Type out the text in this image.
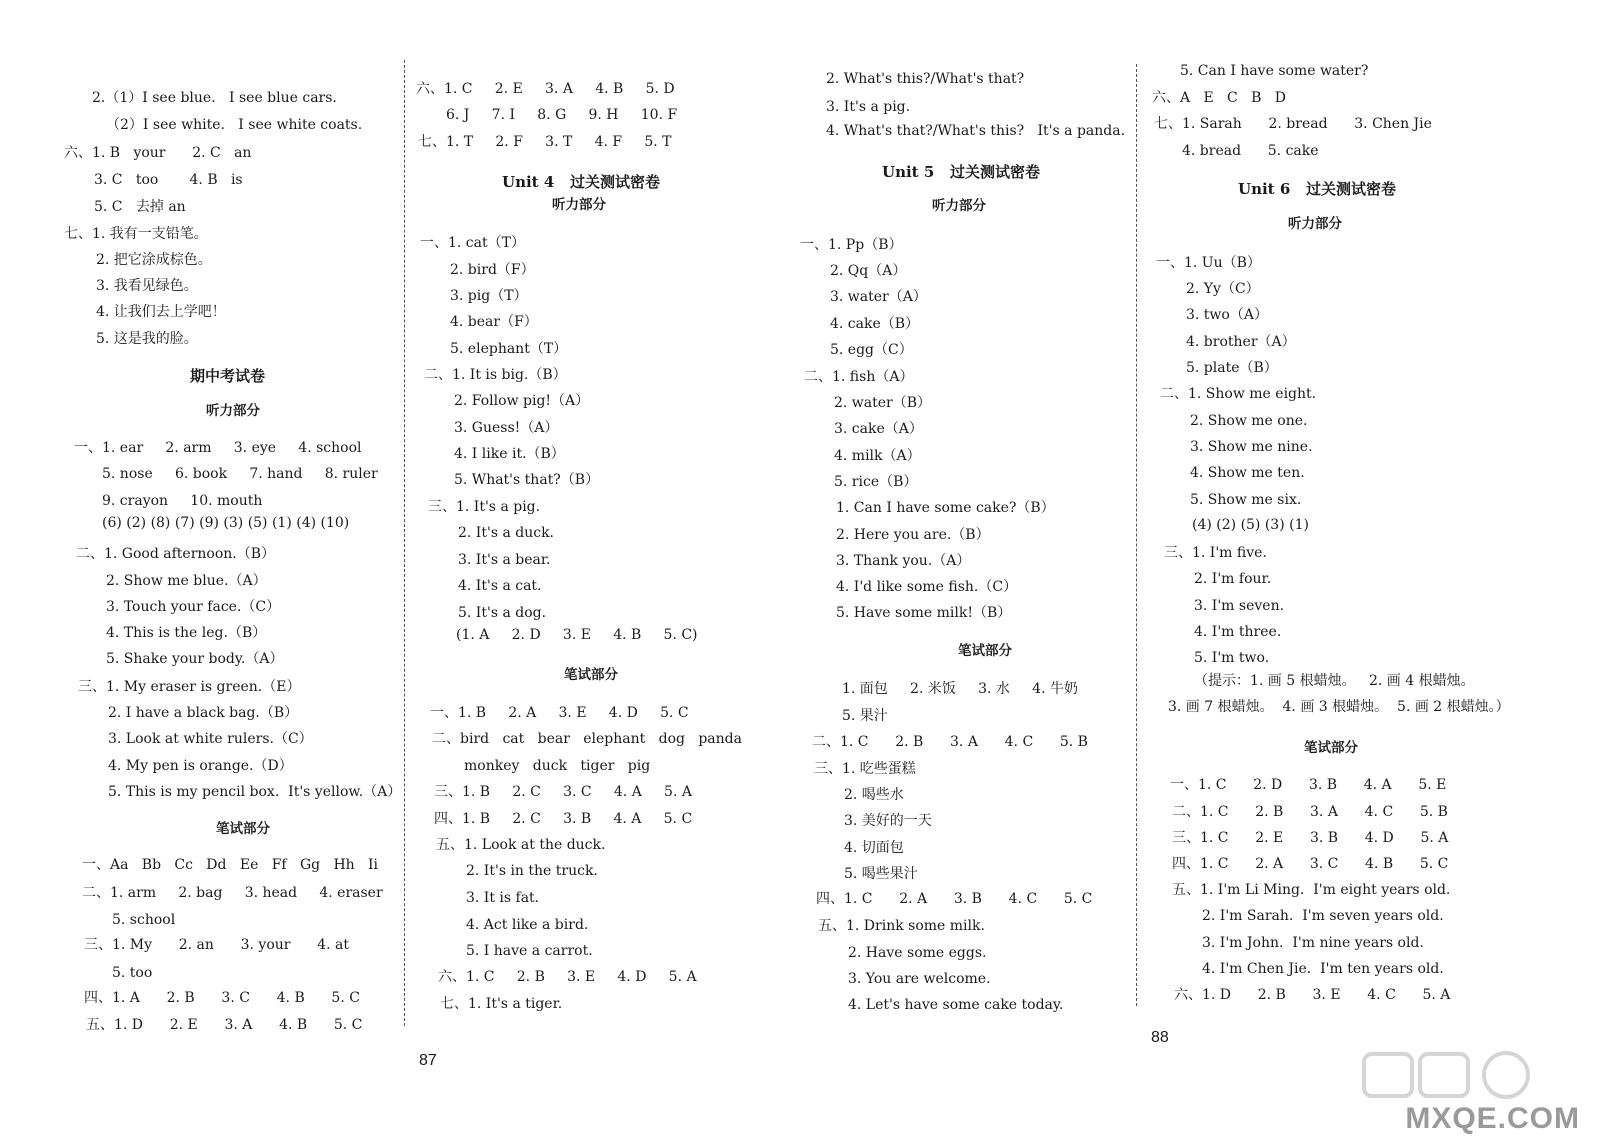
2.（1）I see blue.   I see blue cars.
（2）I see white.   I see white coats.
六、1. B   your      2. C   an
3. C   too       4. B   is
5. C   去掉 an
七、1. 我有一支铅笔。
2. 把它涂成棕色。
3. 我看见绿色。
4. 让我们去上学吧！
5. 这是我的脸。
期中考试卷
听力部分
一、1. ear     2. arm     3. eye     4. school
5. nose     6. book     7. hand     8. ruler
9. crayon     10. mouth
(6) (2) (8) (7) (9) (3) (5) (1) (4) (10)
二、1. Good afternoon.（B）
2. Show me blue.（A）
3. Touch your face.（C）
4. This is the leg.（B）
5. Shake your body.（A）
三、1. My eraser is green.（E）
2. I have a black bag.（B）
3. Look at white rulers.（C）
4. My pen is orange.（D）
5. This is my pencil box.  It's yellow.（A）
笔试部分
一、Aa   Bb   Cc   Dd   Ee   Ff   Gg   Hh   Ii
二、1. arm     2. bag     3. head     4. eraser
5. school
三、1. My      2. an      3. your      4. at
5. too
四、1. A      2. B      3. C      4. B      5. C
五、1. D      2. E      3. A      4. B      5. C
六、1. C     2. E     3. A     4. B     5. D
6. J     7. I     8. G     9. H     10. F
七、1. T     2. F     3. T     4. F     5. T
Unit 4   过关测试密卷
听力部分
一、1. cat（T）
2. bird（F）
3. pig（T）
4. bear（F）
5. elephant（T）
二、1. It is big.（B）
2. Follow pig!（A）
3. Guess!（A）
4. I like it.（B）
5. What's that?（B）
三、1. It's a pig.
2. It's a duck.
3. It's a bear.
4. It's a cat.
5. It's a dog.
(1. A     2. D     3. E     4. B     5. C)
笔试部分
一、1. B     2. A     3. E     4. D     5. C
二、bird   cat   bear   elephant   dog   panda
monkey   duck   tiger   pig
三、1. B     2. C     3. C     4. A     5. A
四、1. B     2. C     3. B     4. A     5. C
五、1. Look at the duck.
2. It's in the truck.
3. It is fat.
4. Act like a bird.
5. I have a carrot.
六、1. C     2. B     3. E     4. D     5. A
七、1. It's a tiger.
2. What's this?/What's that?
3. It's a pig.
4. What's that?/What's this?   It's a panda.
Unit 5   过关测试密卷
听力部分
一、1. Pp（B）
2. Qq（A）
3. water（A）
4. cake（B）
5. egg（C）
二、1. fish（A）
2. water（B）
3. cake（A）
4. milk（A）
5. rice（B）
1. Can I have some cake?（B）
2. Here you are.（B）
3. Thank you.（A）
4. I'd like some fish.（C）
5. Have some milk!（B）
笔试部分
1. 面包     2. 米饭     3. 水     4. 牛奶
5. 果汁
二、1. C      2. B      3. A      4. C      5. B
三、1. 吃些蛋糕
2. 喝些水
3. 美好的一天
4. 切面包
5. 喝些果汁
四、1. C      2. A      3. B      4. C      5. C
五、1. Drink some milk.
2. Have some eggs.
3. You are welcome.
4. Let's have some cake today.
5. Can I have some water?
六、A   E   C   B   D
七、1. Sarah      2. bread      3. Chen Jie
4. bread      5. cake
Unit 6   过关测试密卷
听力部分
一、1. Uu（B）
2. Yy（C）
3. two（A）
4. brother（A）
5. plate（B）
二、1. Show me eight.
2. Show me one.
3. Show me nine.
4. Show me ten.
5. Show me six.
(4) (2) (5) (3) (1)
三、1. I'm five.
2. I'm four.
3. I'm seven.
4. I'm three.
5. I'm two.
（提示：1. 画 5 根蜡烛。   2. 画 4 根蜡烛。
3. 画 7 根蜡烛。  4. 画 3 根蜡烛。  5. 画 2 根蜡烛。）
笔试部分
一、1. C      2. D      3. B      4. A      5. E
二、1. C      2. B      3. A      4. C      5. B
三、1. C      2. E      3. B      4. D      5. A
四、1. C      2. A      3. C      4. B      5. C
五、1. I'm Li Ming.  I'm eight years old.
2. I'm Sarah.  I'm seven years old.
3. I'm John.  I'm nine years old.
4. I'm Chen Jie.  I'm ten years old.
六、1. D      2. B      3. E      4. C      5. A
87
88
MXQE.COM
